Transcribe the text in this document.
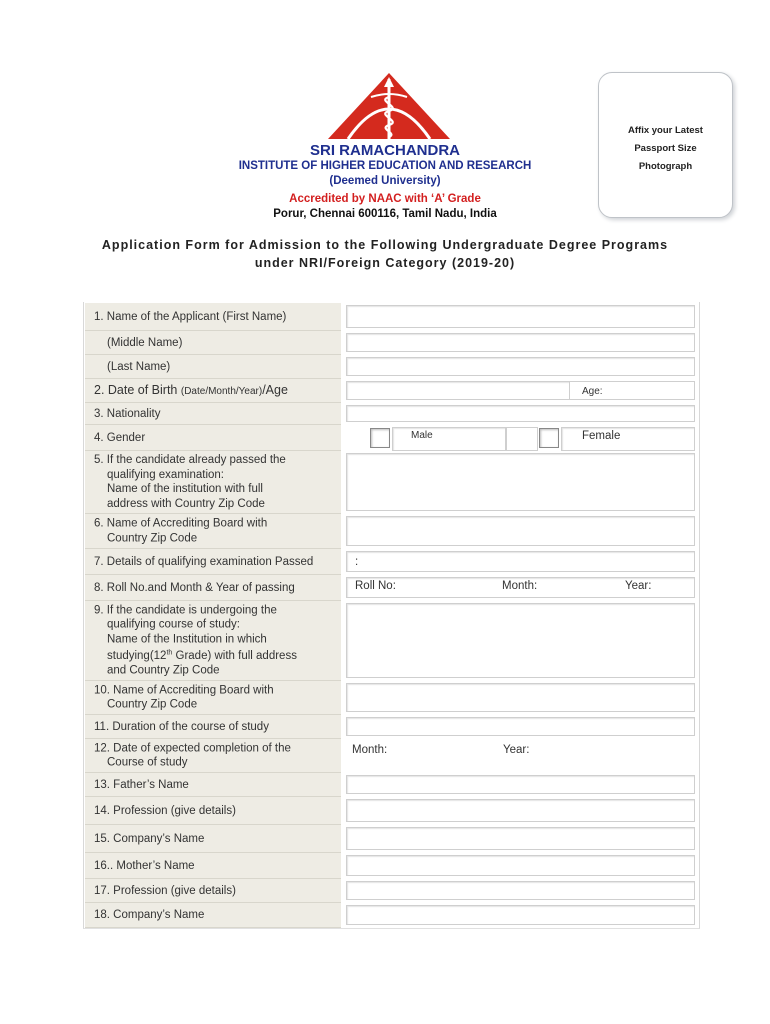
SRI RAMACHANDRA
INSTITUTE OF HIGHER EDUCATION AND RESEARCH
(Deemed University)
Accredited by NAAC with ‘A’ Grade
Porur, Chennai 600116, Tamil Nadu, India
Affix your Latest
Passport Size
Photograph
Application Form for Admission to the Following Undergraduate Degree Programs
under NRI/Foreign Category (2019-20)
1. Name of the Applicant (First Name)
(Middle Name)
(Last Name)
2. Date of Birth (Date/Month/Year)/Age	Age:
3. Nationality
4. Gender	Male	Female
5. If the candidate already passed the
qualifying examination:
Name of the institution with full
address with Country Zip Code
6. Name of Accrediting Board with
Country Zip Code
7. Details of qualifying examination Passed	:
8. Roll No.and Month & Year of passing	Roll No:	Month:	Year:
9. If the candidate is undergoing the
qualifying course of study:
Name of the Institution in which
studying(12th Grade) with full address
and Country Zip Code
10. Name of Accrediting Board with
Country Zip Code
11. Duration of the course of study
12. Date of expected completion of the
Course of study
Month:	Year:
13. Father’s Name
14. Profession (give details)
15. Company’s Name
16.. Mother’s Name
17. Profession (give details)
18. Company’s Name
